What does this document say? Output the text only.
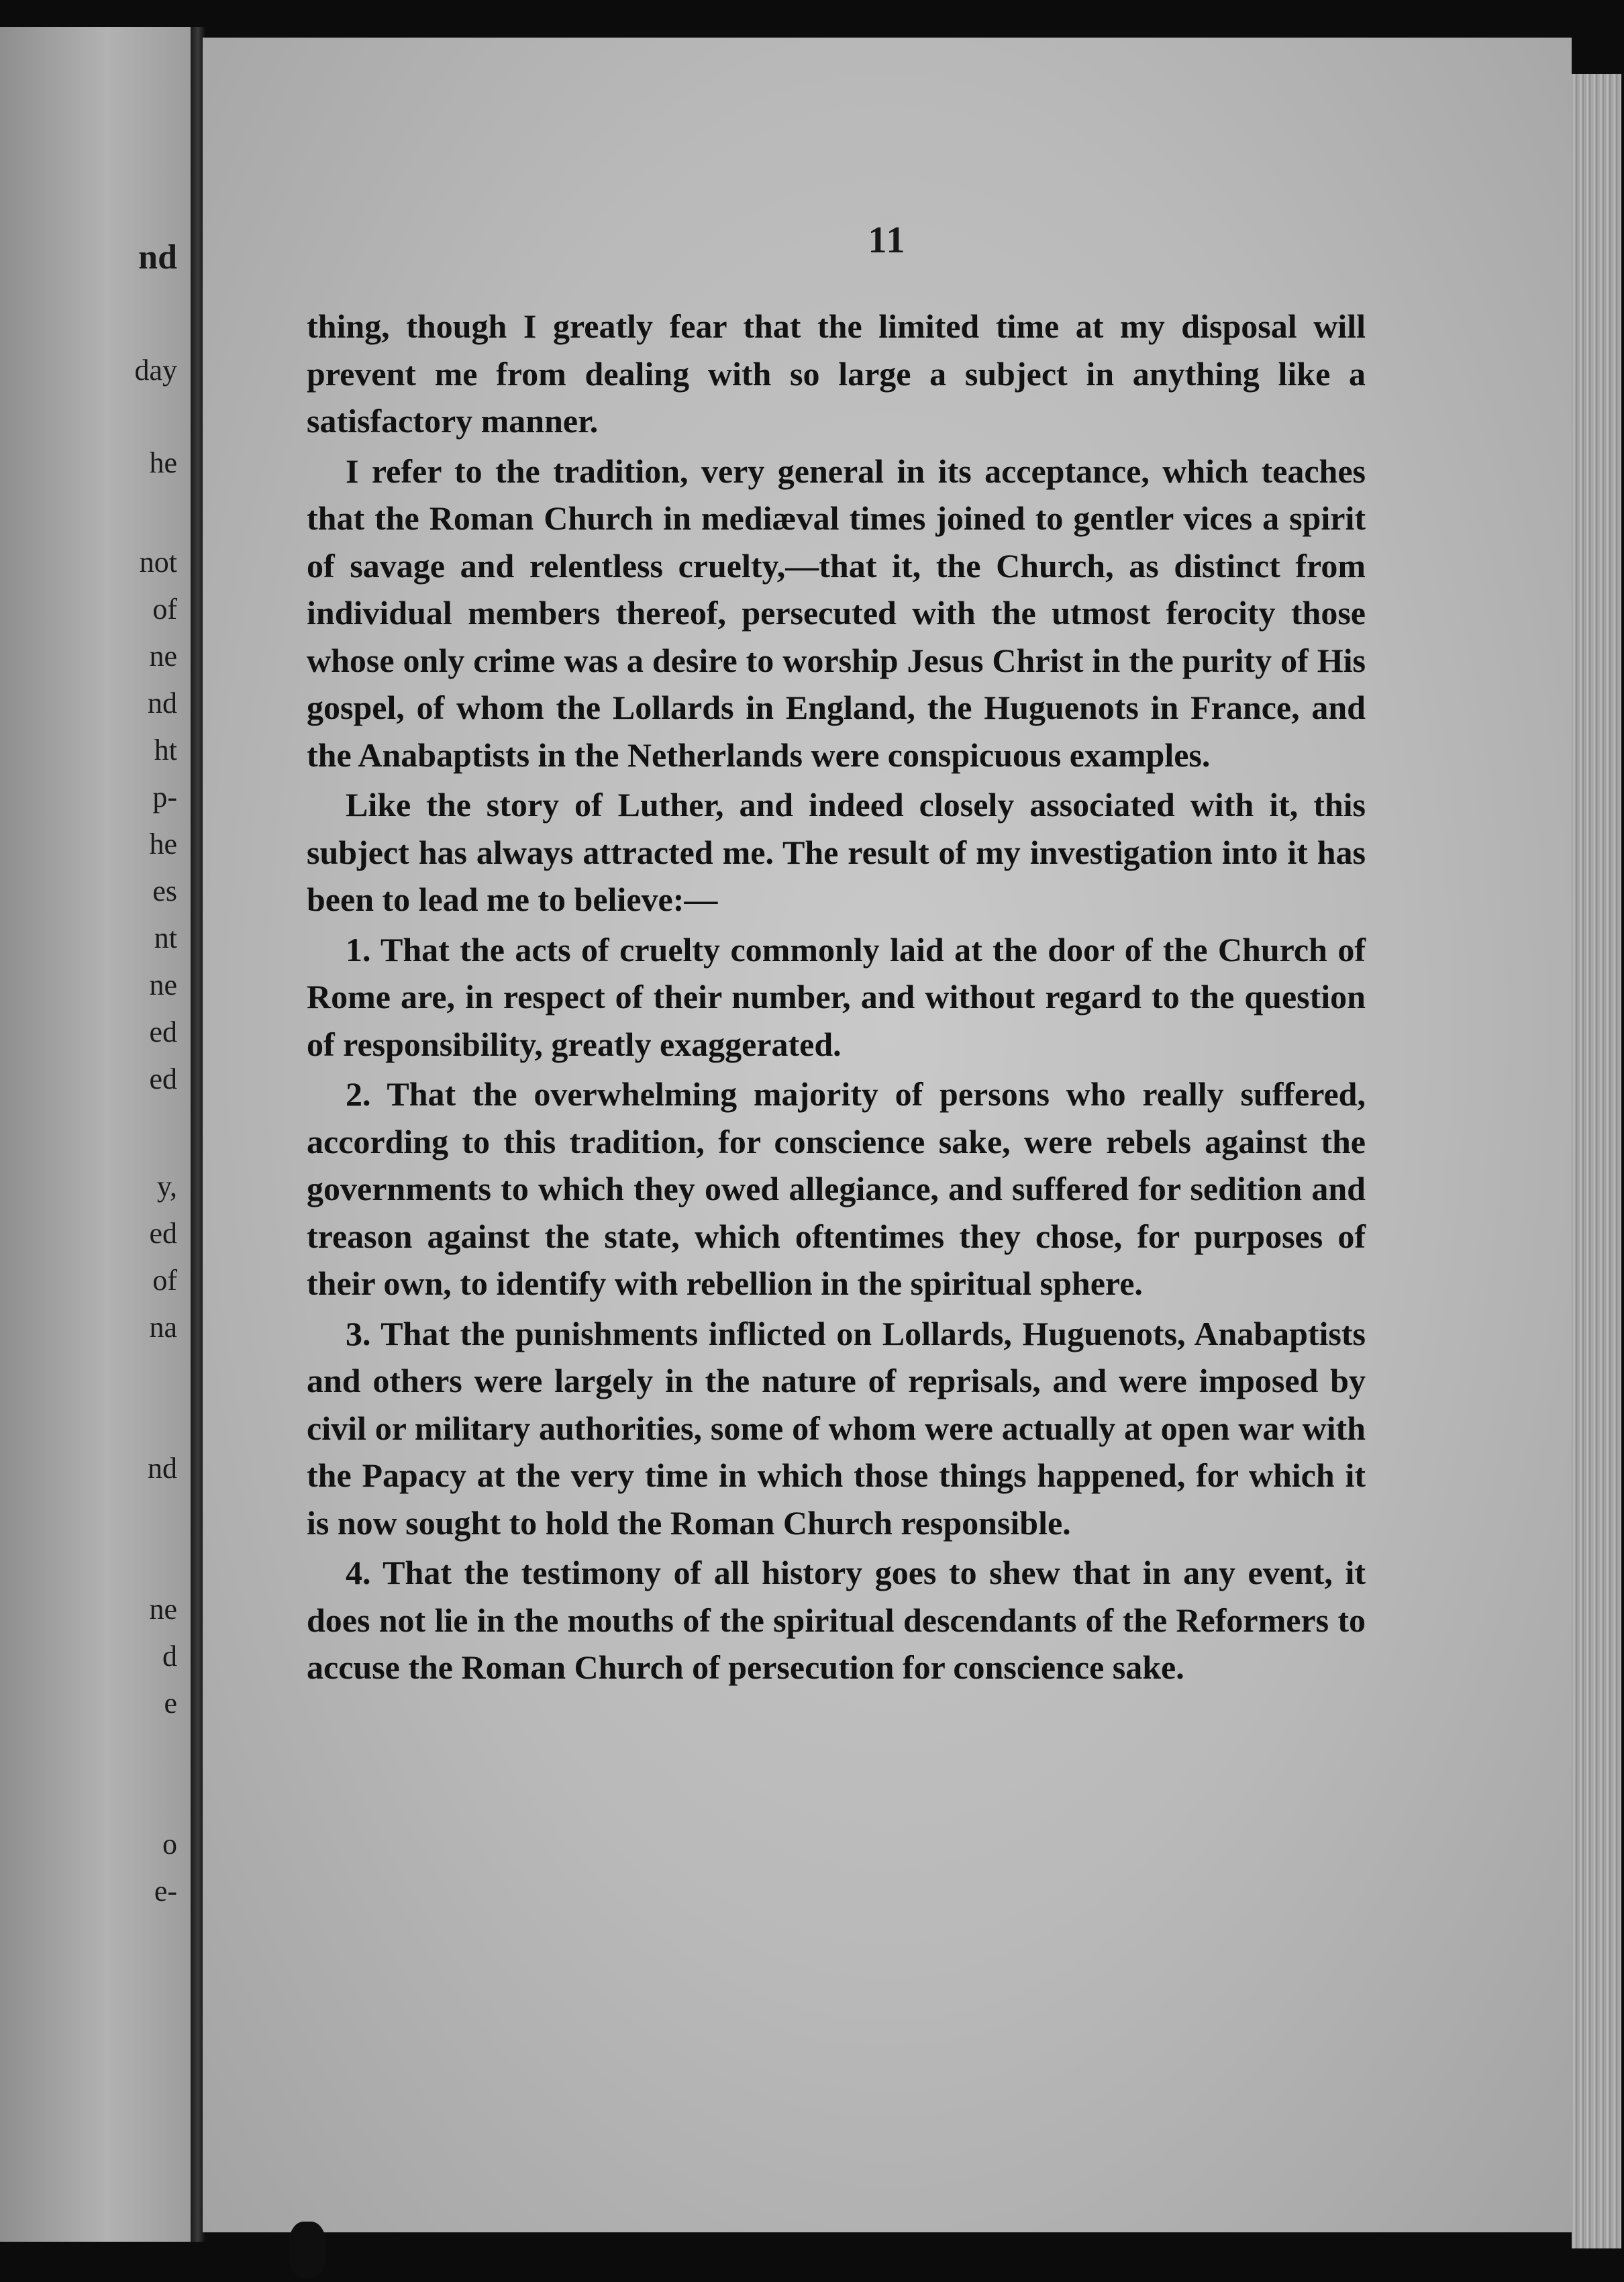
nd
day
he
not
of
ne
nd
ht
p-
he
es
nt
ne
ed
ed
y,
ed
of
na
nd
ne
d
e
o
e-
11

thing, though I greatly fear that the limited time at my disposal will prevent me from dealing with so large a subject in anything like a satisfactory manner.

I refer to the tradition, very general in its acceptance, which teaches that the Roman Church in mediæval times joined to gentler vices a spirit of savage and relentless cruelty,—that it, the Church, as distinct from individual members thereof, persecuted with the utmost ferocity those whose only crime was a desire to worship Jesus Christ in the purity of His gospel, of whom the Lollards in England, the Huguenots in France, and the Anabaptists in the Netherlands were conspicuous examples.

Like the story of Luther, and indeed closely associated with it, this subject has always attracted me. The result of my investigation into it has been to lead me to believe:—

1. That the acts of cruelty commonly laid at the door of the Church of Rome are, in respect of their number, and without regard to the question of responsibility, greatly exaggerated.

2. That the overwhelming majority of persons who really suffered, according to this tradition, for conscience sake, were rebels against the governments to which they owed allegiance, and suffered for sedition and treason against the state, which oftentimes they chose, for purposes of their own, to identify with rebellion in the spiritual sphere.

3. That the punishments inflicted on Lollards, Huguenots, Anabaptists and others were largely in the nature of reprisals, and were imposed by civil or military authorities, some of whom were actually at open war with the Papacy at the very time in which those things happened, for which it is now sought to hold the Roman Church responsible.

4. That the testimony of all history goes to shew that in any event, it does not lie in the mouths of the spiritual descendants of the Reformers to accuse the Roman Church of persecution for conscience sake.
